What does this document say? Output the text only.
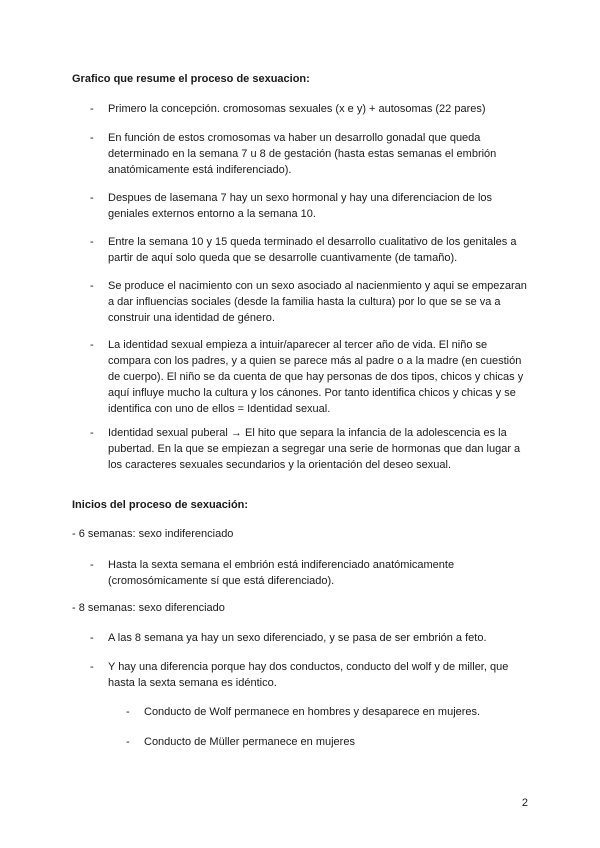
Grafico que resume el proceso de sexuacion:
- Primero la concepción. cromosomas sexuales (x e y) + autosomas (22 pares)
- En función de estos cromosomas va haber un desarrollo gonadal que queda determinado en la semana 7 u 8 de gestación (hasta estas semanas el embrión anatómicamente está indiferenciado).
- Despues de lasemana 7 hay un sexo hormonal y hay una diferenciacion de los geniales externos entorno a la semana 10.
- Entre la semana 10 y 15 queda terminado el desarrollo cualitativo de los genitales a partir de aquí solo queda que se desarrolle cuantivamente (de tamaño).
- Se produce el nacimiento con un sexo asociado al nacienmiento y aqui se empezaran a dar influencias sociales (desde la familia hasta la cultura) por lo que se se va a construir una identidad de género.
- La identidad sexual empieza a intuir/aparecer al tercer año de vida. El niño se compara con los padres, y a quien se parece más al padre o a la madre (en cuestión de cuerpo). El niño se da cuenta de que hay personas de dos tipos, chicos y chicas y aquí influye mucho la cultura y los cánones. Por tanto identifica chicos y chicas y se identifica con uno de ellos = Identidad sexual.
- Identidad sexual puberal → El hito que separa la infancia de la adolescencia es la pubertad. En la que se empiezan a segregar una serie de hormonas que dan lugar a los caracteres sexuales secundarios y la orientación del deseo sexual.
Inicios del proceso de sexuación:
- 6 semanas: sexo indiferenciado
- Hasta la sexta semana el embrión está indiferenciado anatómicamente (cromosómicamente sí que está diferenciado).
- 8 semanas: sexo diferenciado
- A las 8 semana ya hay un sexo diferenciado, y se pasa de ser embrión a feto.
- Y hay una diferencia porque hay dos conductos, conducto del wolf y de miller, que hasta la sexta semana es idéntico.
- Conducto de Wolf permanece en hombres y desaparece en mujeres.
- Conducto de Müller permanece en mujeres
2
